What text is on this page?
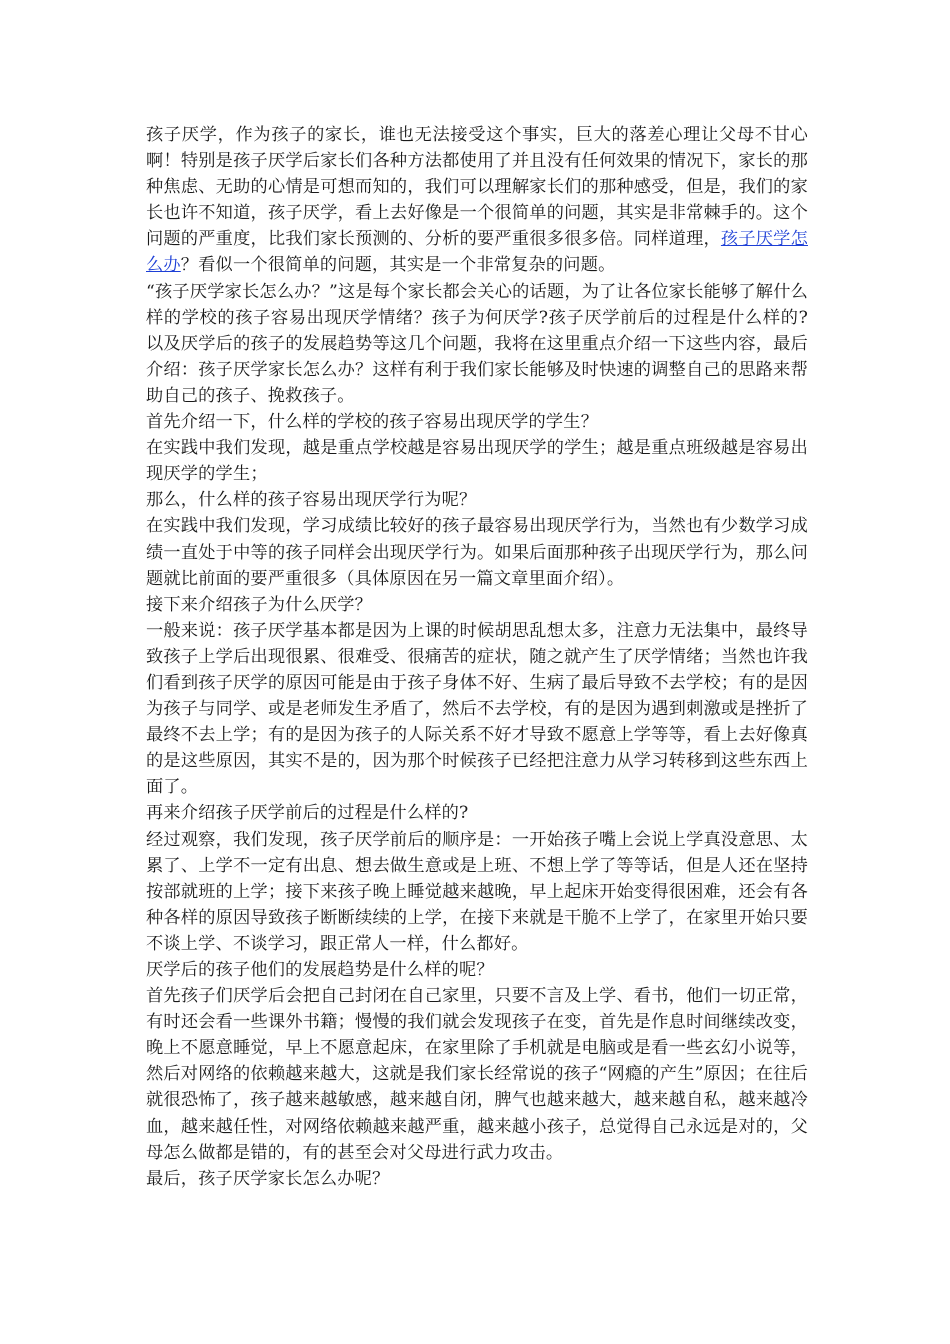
孩子厌学，作为孩子的家长，谁也无法接受这个事实，巨大的落差心理让父母不甘心啊！特别是孩子厌学后家长们各种方法都使用了并且没有任何效果的情况下，家长的那种焦虑、无助的心情是可想而知的，我们可以理解家长们的那种感受，但是，我们的家长也许不知道，孩子厌学，看上去好像是一个很简单的问题，其实是非常棘手的。这个问题的严重度，比我们家长预测的、分析的要严重很多很多倍。同样道理，孩子厌学怎么办？看似一个很简单的问题，其实是一个非常复杂的问题。

“孩子厌学家长怎么办？”这是每个家长都会关心的话题，为了让各位家长能够了解什么样的学校的孩子容易出现厌学情绪？孩子为何厌学?孩子厌学前后的过程是什么样的?以及厌学后的孩子的发展趋势等这几个问题，我将在这里重点介绍一下这些内容，最后介绍：孩子厌学家长怎么办？这样有利于我们家长能够及时快速的调整自己的思路来帮助自己的孩子、挽救孩子。

首先介绍一下，什么样的学校的孩子容易出现厌学的学生？

在实践中我们发现，越是重点学校越是容易出现厌学的学生；越是重点班级越是容易出现厌学的学生；

那么，什么样的孩子容易出现厌学行为呢？

在实践中我们发现，学习成绩比较好的孩子最容易出现厌学行为，当然也有少数学习成绩一直处于中等的孩子同样会出现厌学行为。如果后面那种孩子出现厌学行为，那么问题就比前面的要严重很多（具体原因在另一篇文章里面介绍）。

接下来介绍孩子为什么厌学？

一般来说：孩子厌学基本都是因为上课的时候胡思乱想太多，注意力无法集中，最终导致孩子上学后出现很累、很难受、很痛苦的症状，随之就产生了厌学情绪；当然也许我们看到孩子厌学的原因可能是由于孩子身体不好、生病了最后导致不去学校；有的是因为孩子与同学、或是老师发生矛盾了，然后不去学校，有的是因为遇到刺激或是挫折了最终不去上学；有的是因为孩子的人际关系不好才导致不愿意上学等等，看上去好像真的是这些原因，其实不是的，因为那个时候孩子已经把注意力从学习转移到这些东西上面了。

再来介绍孩子厌学前后的过程是什么样的?

经过观察，我们发现，孩子厌学前后的顺序是：一开始孩子嘴上会说上学真没意思、太累了、上学不一定有出息、想去做生意或是上班、不想上学了等等话，但是人还在坚持按部就班的上学；接下来孩子晚上睡觉越来越晚，早上起床开始变得很困难，还会有各种各样的原因导致孩子断断续续的上学，在接下来就是干脆不上学了，在家里开始只要不谈上学、不谈学习，跟正常人一样，什么都好。

厌学后的孩子他们的发展趋势是什么样的呢？

首先孩子们厌学后会把自己封闭在自己家里，只要不言及上学、看书，他们一切正常，有时还会看一些课外书籍；慢慢的我们就会发现孩子在变，首先是作息时间继续改变，晚上不愿意睡觉，早上不愿意起床，在家里除了手机就是电脑或是看一些玄幻小说等，然后对网络的依赖越来越大，这就是我们家长经常说的孩子“网瘾的产生”原因；在往后就很恐怖了，孩子越来越敏感，越来越自闭，脾气也越来越大，越来越自私，越来越冷血，越来越任性，对网络依赖越来越严重，越来越小孩子，总觉得自己永远是对的，父母怎么做都是错的，有的甚至会对父母进行武力攻击。

最后，孩子厌学家长怎么办呢？
